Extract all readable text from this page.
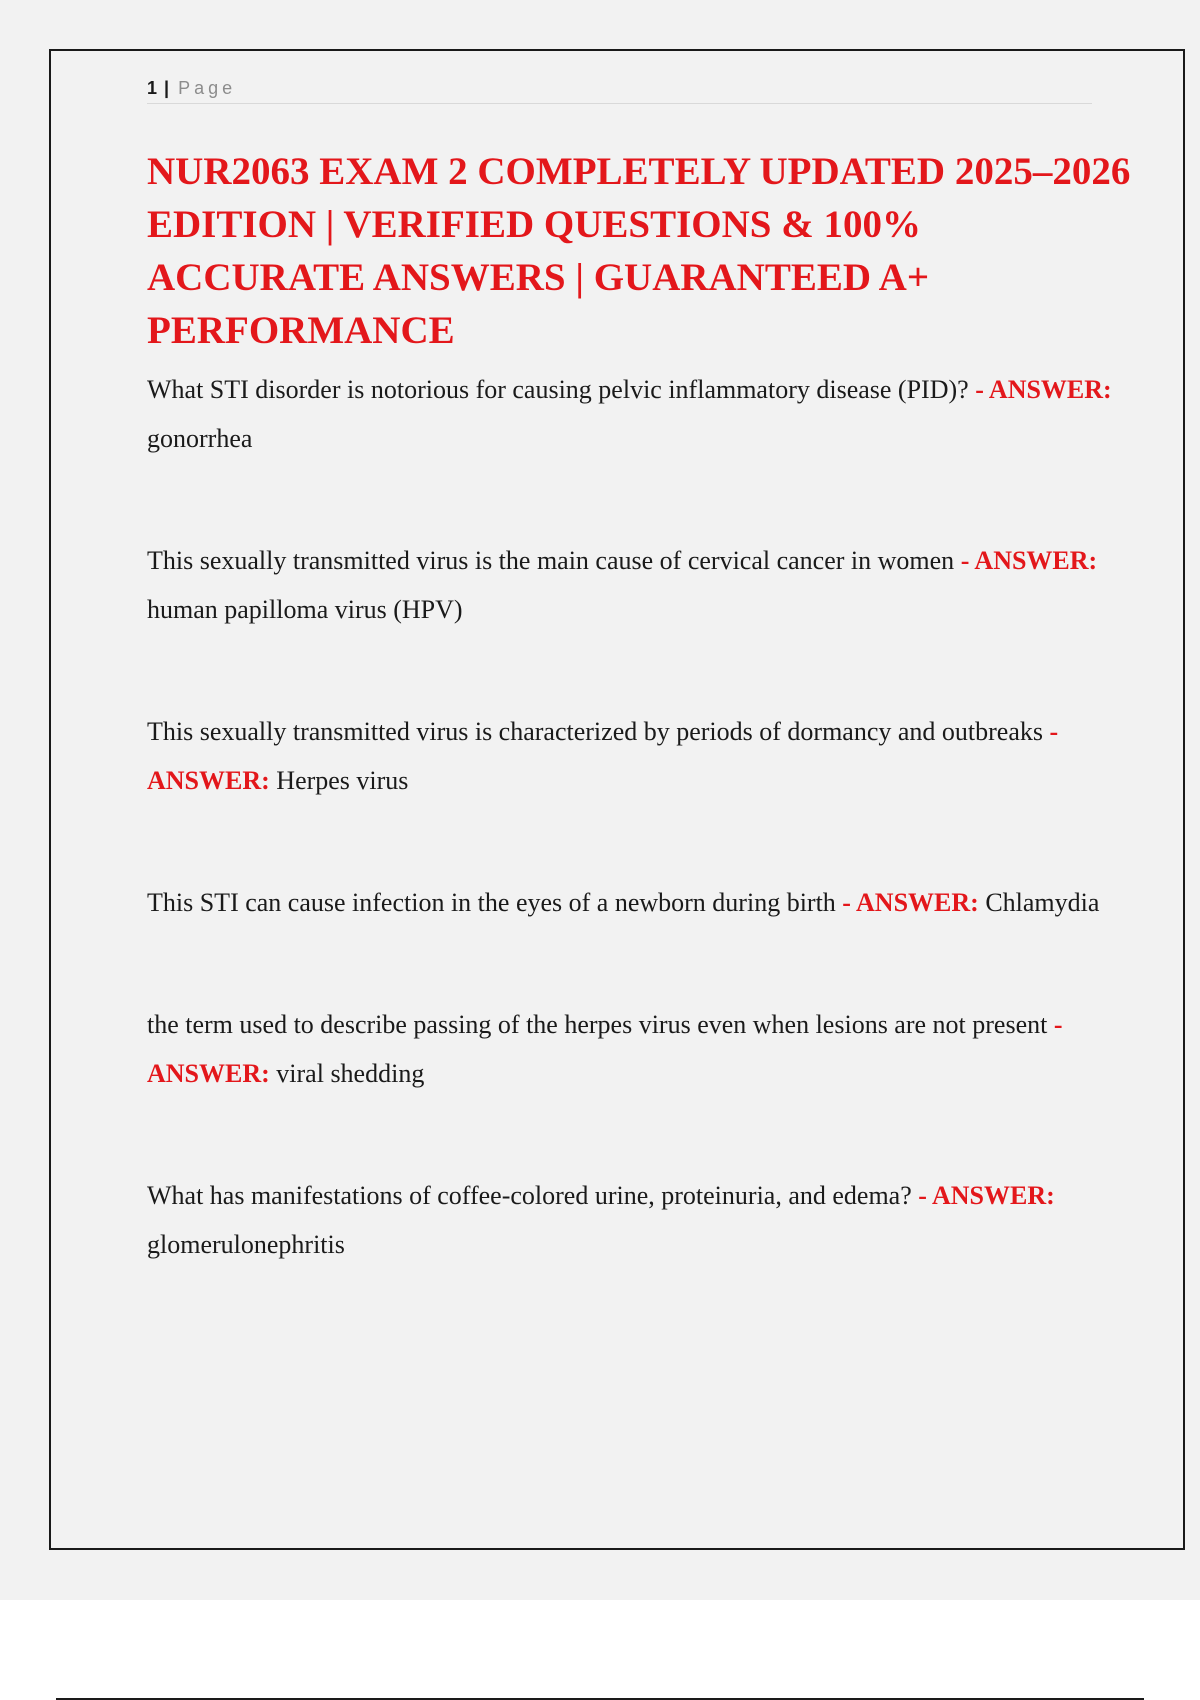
1 | Page
NUR2063 EXAM 2 COMPLETELY UPDATED 2025–2026 EDITION | VERIFIED QUESTIONS & 100% ACCURATE ANSWERS | GUARANTEED A+ PERFORMANCE

What STI disorder is notorious for causing pelvic inflammatory disease (PID)? - ANSWER: gonorrhea

This sexually transmitted virus is the main cause of cervical cancer in women - ANSWER: human papilloma virus (HPV)

This sexually transmitted virus is characterized by periods of dormancy and outbreaks - ANSWER: Herpes virus

This STI can cause infection in the eyes of a newborn during birth - ANSWER: Chlamydia

the term used to describe passing of the herpes virus even when lesions are not present - ANSWER: viral shedding

What has manifestations of coffee-colored urine, proteinuria, and edema? - ANSWER: glomerulonephritis
